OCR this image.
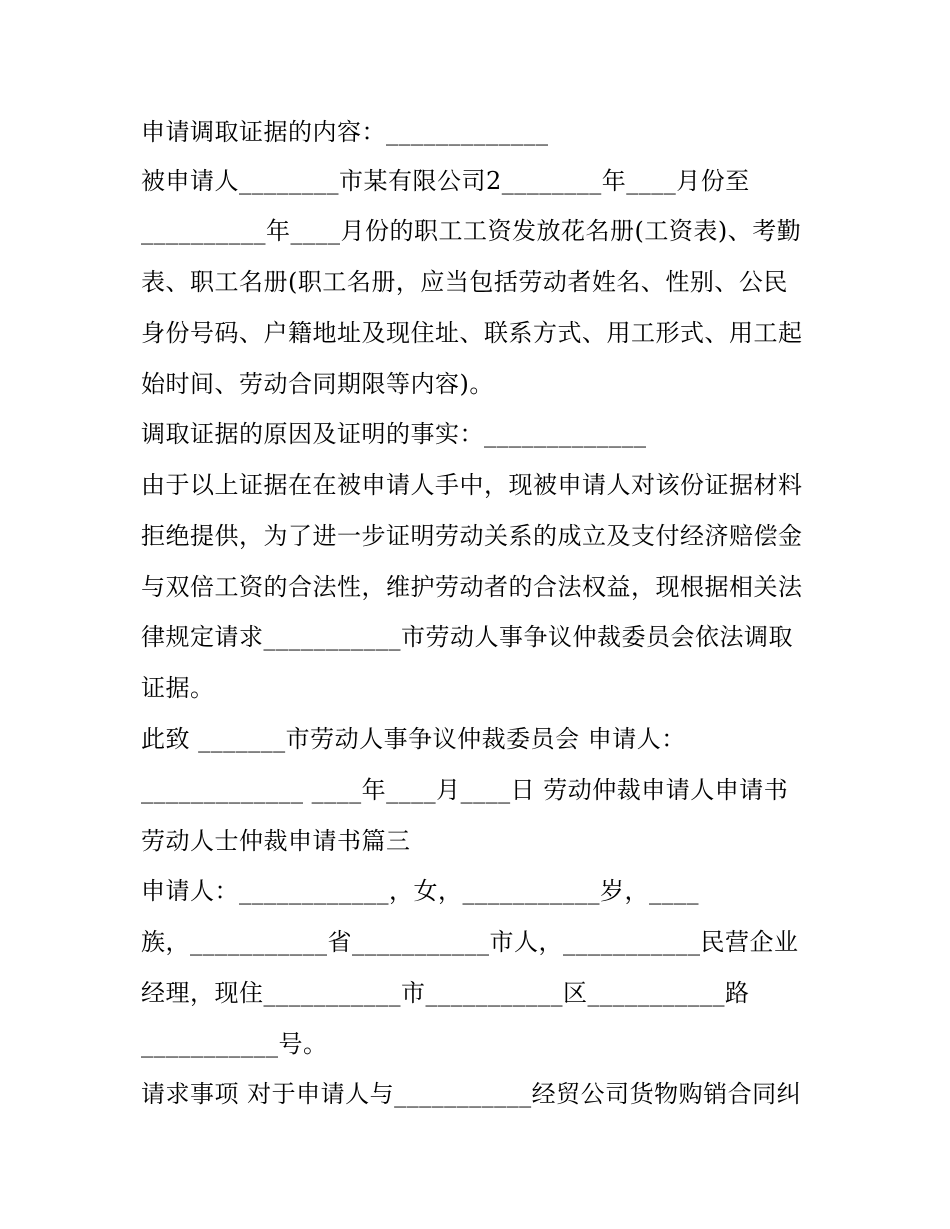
申请调取证据的内容：_____________
被申请人________市某有限公司2________年____月份至
__________年____月份的职工工资发放花名册(工资表)、考勤
表、职工名册(职工名册，应当包括劳动者姓名、性别、公民
身份号码、户籍地址及现住址、联系方式、用工形式、用工起
始时间、劳动合同期限等内容)。
调取证据的原因及证明的事实：_____________
由于以上证据在在被申请人手中，现被申请人对该份证据材料
拒绝提供，为了进一步证明劳动关系的成立及支付经济赔偿金
与双倍工资的合法性，维护劳动者的合法权益，现根据相关法
律规定请求___________市劳动人事争议仲裁委员会依法调取
证据。
此致 _______市劳动人事争议仲裁委员会 申请人：
_____________ ____年____月____日 劳动仲裁申请人申请书
劳动人士仲裁申请书篇三
申请人：____________，女，___________岁，____
族，___________省___________市人，___________民营企业
经理，现住___________市___________区___________路
___________号。
请求事项 对于申请人与___________经贸公司货物购销合同纠
